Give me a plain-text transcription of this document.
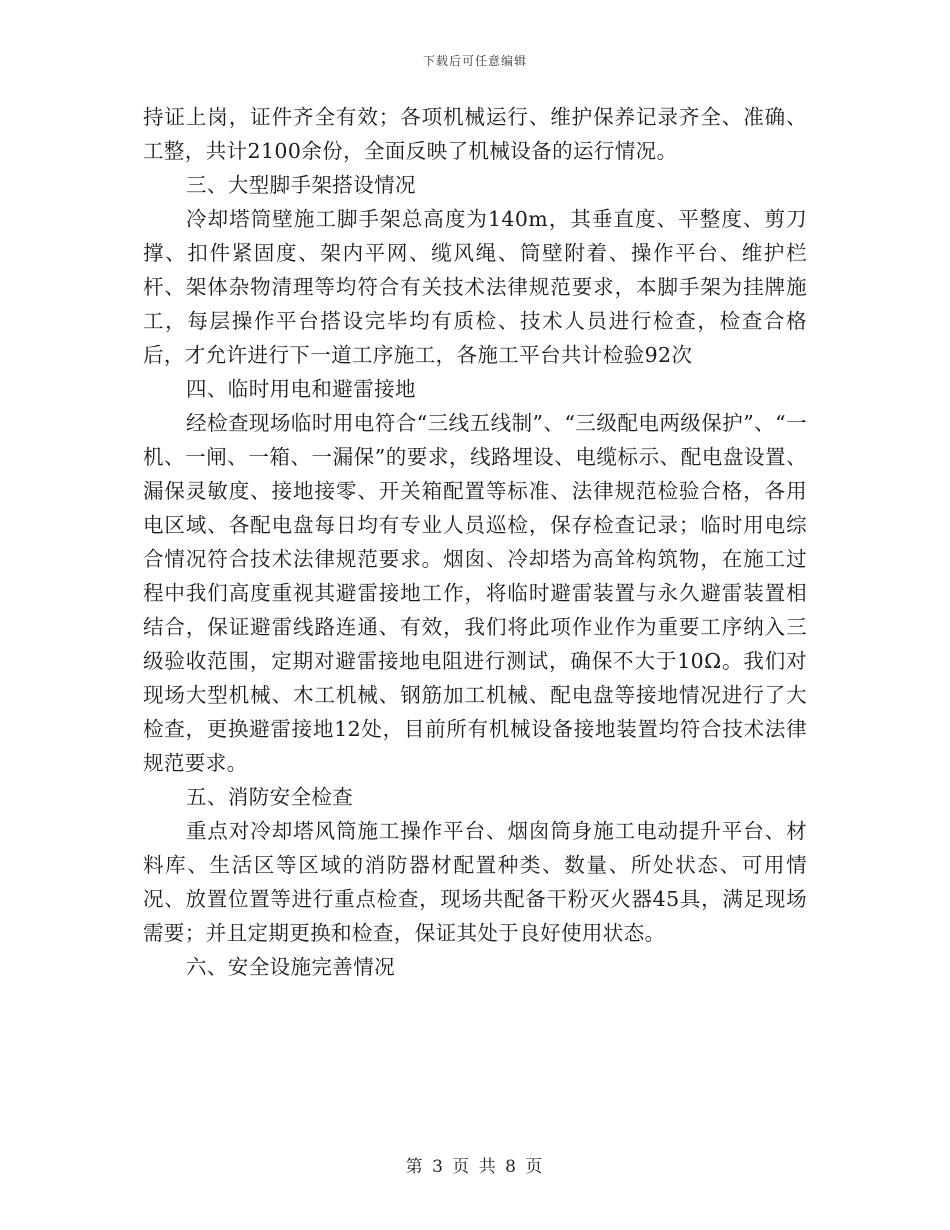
下载后可任意编辑

持证上岗，证件齐全有效；各项机械运行、维护保养记录齐全、准确、工整，共计2100余份，全面反映了机械设备的运行情况。

三、大型脚手架搭设情况

冷却塔筒壁施工脚手架总高度为140m，其垂直度、平整度、剪刀撑、扣件紧固度、架内平网、缆风绳、筒壁附着、操作平台、维护栏杆、架体杂物清理等均符合有关技术法律规范要求，本脚手架为挂牌施工，每层操作平台搭设完毕均有质检、技术人员进行检查，检查合格后，才允许进行下一道工序施工，各施工平台共计检验92次

四、临时用电和避雷接地

经检查现场临时用电符合“三线五线制”、“三级配电两级保护”、“一机、一闸、一箱、一漏保”的要求，线路埋设、电缆标示、配电盘设置、漏保灵敏度、接地接零、开关箱配置等标准、法律规范检验合格，各用电区域、各配电盘每日均有专业人员巡检，保存检查记录；临时用电综合情况符合技术法律规范要求。烟囱、冷却塔为高耸构筑物，在施工过程中我们高度重视其避雷接地工作，将临时避雷装置与永久避雷装置相结合，保证避雷线路连通、有效，我们将此项作业作为重要工序纳入三级验收范围，定期对避雷接地电阻进行测试，确保不大于10Ω。我们对现场大型机械、木工机械、钢筋加工机械、配电盘等接地情况进行了大检查，更换避雷接地12处，目前所有机械设备接地装置均符合技术法律规范要求。

五、消防安全检查

重点对冷却塔风筒施工操作平台、烟囱筒身施工电动提升平台、材料库、生活区等区域的消防器材配置种类、数量、所处状态、可用情况、放置位置等进行重点检查，现场共配备干粉灭火器45具，满足现场需要；并且定期更换和检查，保证其处于良好使用状态。

六、安全设施完善情况

第 3 页 共 8 页
